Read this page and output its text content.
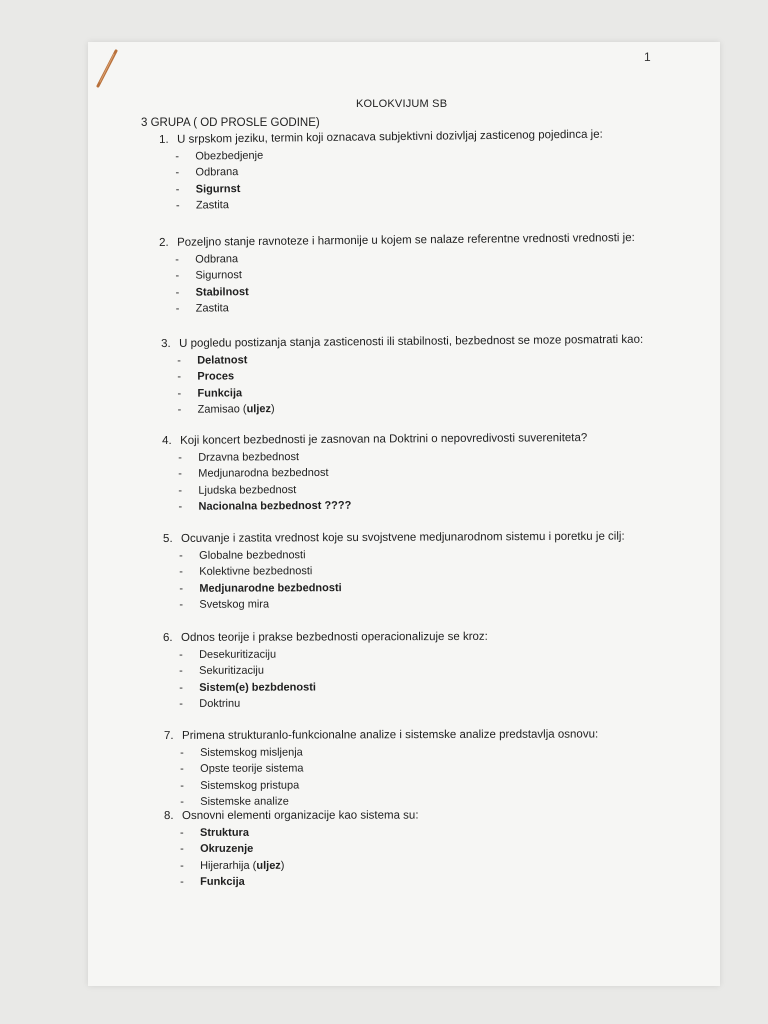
1
KOLOKVIJUM SB
3 GRUPA ( OD PROSLE GODINE)
1. U srpskom jeziku, termin koji oznacava subjektivni dozivljaj zasticenog pojedinca je:
- Obezbedjenje
- Odbrana
- Sigurnst
- Zastita
2. Pozeljno stanje ravnoteze i harmonije u kojem se nalaze referentne vrednosti vrednosti je:
- Odbrana
- Sigurnost
- Stabilnost
- Zastita
3. U pogledu postizanja stanja zasticenosti ili stabilnosti, bezbednost se moze posmatrati kao:
- Delatnost
- Proces
- Funkcija
- Zamisao (uljez)
4. Koji koncert bezbednosti je zasnovan na Doktrini o nepovredivosti suvereniteta?
- Drzavna bezbednost
- Medjunarodna bezbednost
- Ljudska bezbednost
- Nacionalna bezbednost ????
5. Ocuvanje i zastita vrednost koje su svojstvene medjunarodnom sistemu i poretku je cilj:
- Globalne bezbednosti
- Kolektivne bezbednosti
- Medjunarodne bezbednosti
- Svetskog mira
6. Odnos teorije i prakse bezbednosti operacionalizuje se kroz:
- Desekuritizaciju
- Sekuritizaciju
- Sistem(e) bezbdenosti
- Doktrinu
7. Primena strukturanlo-funkcionalne analize i sistemske analize predstavlja osnovu:
- Sistemskog misljenja
- Opste teorije sistema
- Sistemskog pristupa
- Sistemske analize
8. Osnovni elementi organizacije kao sistema su:
- Struktura
- Okruzenje
- Hijerarhija (uljez)
- Funkcija
